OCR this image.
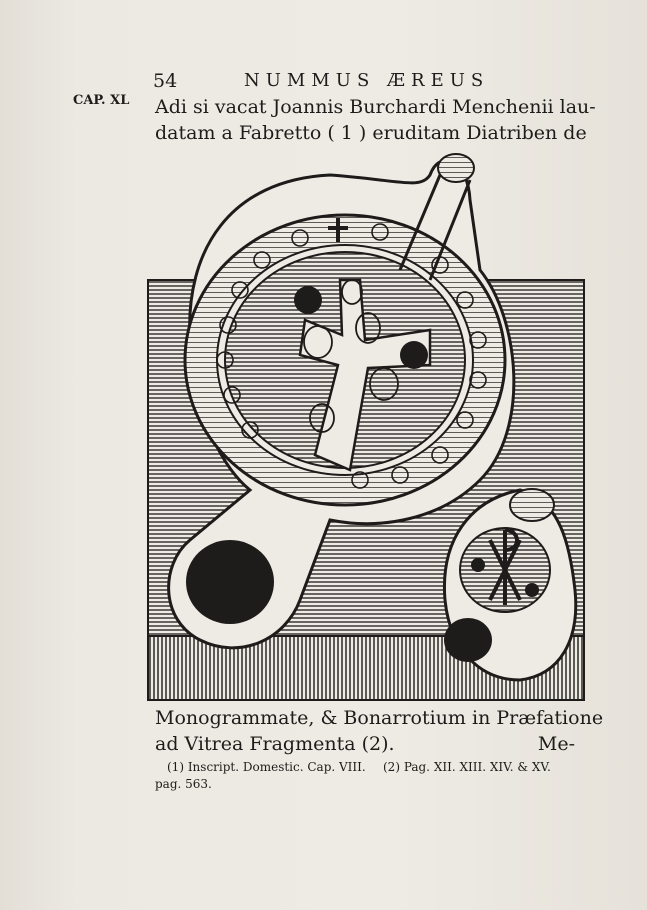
54	NUMMUS ÆREUS
CAP. XL Adi si vacat Joannis Burchardi Menchenii lau-
datam a Fabretto ( 1 ) eruditam Diatriben de
Monogrammate, & Bonarrotium in Præfatione
ad Vitrea Fragmenta (2).	Me-
(1) Inscript. Domestic. Cap. VIII. (2) Pag. XII. XIII. XIV. & XV.
pag. 563.
